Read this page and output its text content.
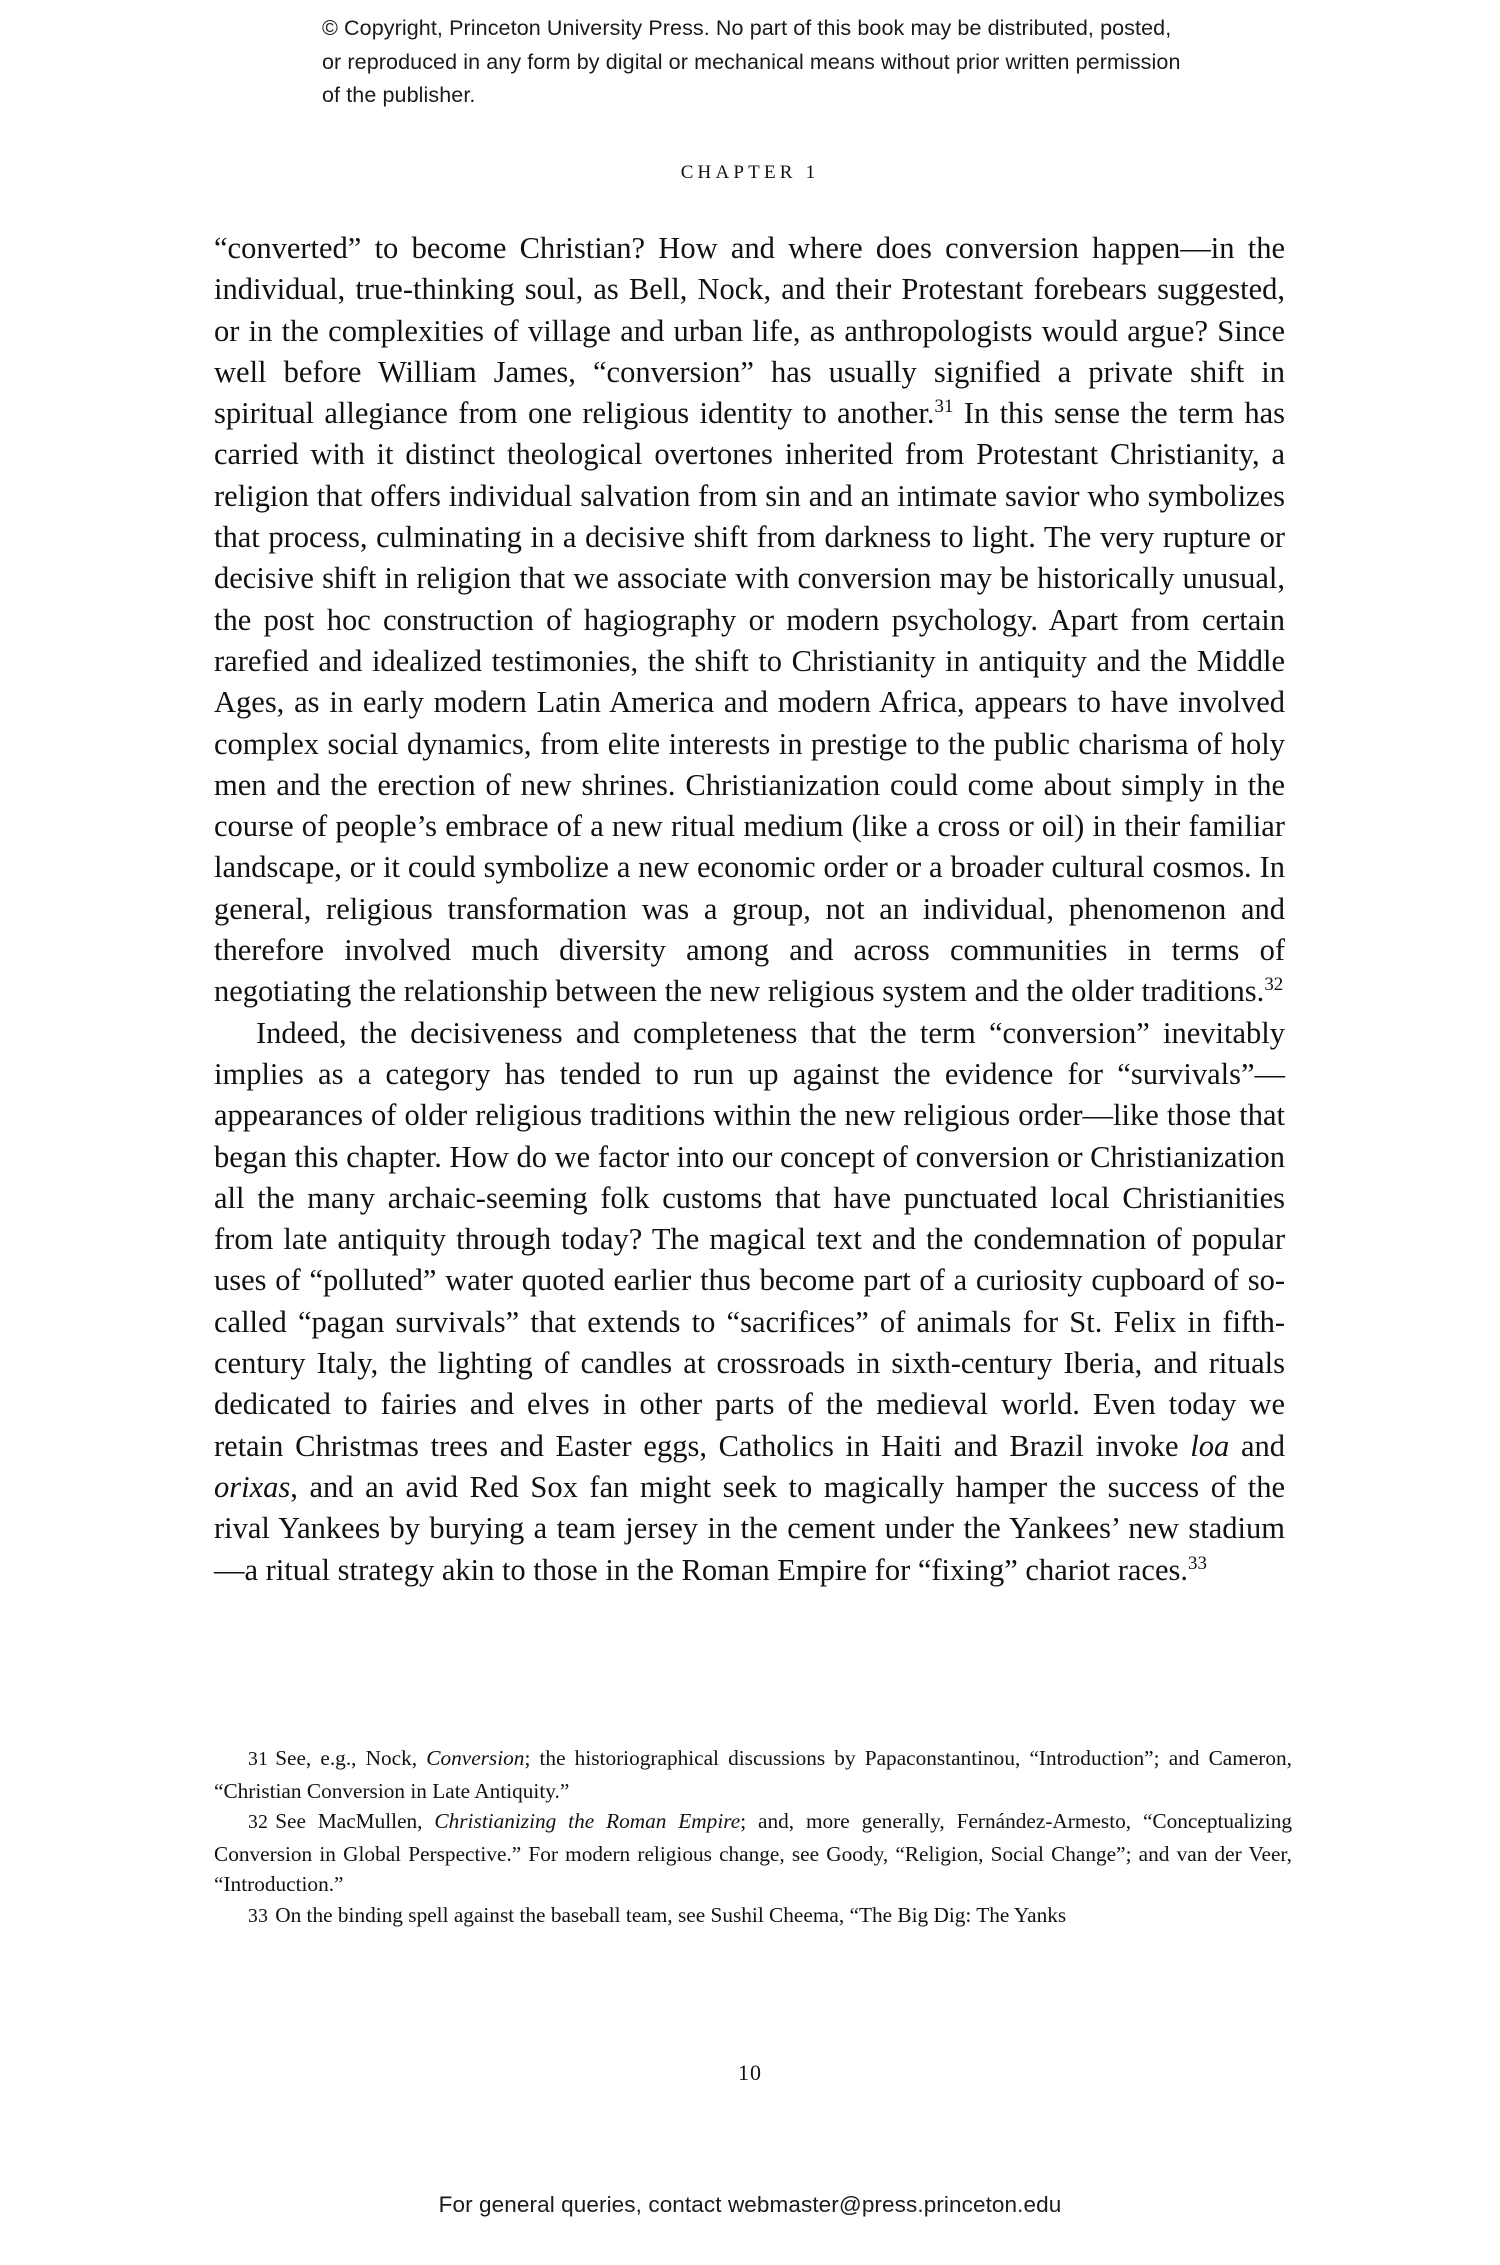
© Copyright, Princeton University Press. No part of this book may be distributed, posted, or reproduced in any form by digital or mechanical means without prior written permission of the publisher.
CHAPTER 1

“converted” to become Christian? How and where does conversion happen—in the individual, true-thinking soul, as Bell, Nock, and their Protestant forebears suggested, or in the complexities of village and urban life, as anthropologists would argue? Since well before William James, “conversion” has usually signified a private shift in spiritual allegiance from one religious identity to another.$^{31}$ In this sense the term has carried with it distinct theological overtones inherited from Protestant Christianity, a religion that offers individual salvation from sin and an intimate savior who symbolizes that process, culminating in a decisive shift from darkness to light. The very rupture or decisive shift in religion that we associate with conversion may be historically unusual, the post hoc construction of hagiography or modern psychology. Apart from certain rarefied and idealized testimonies, the shift to Christianity in antiquity and the Middle Ages, as in early modern Latin America and modern Africa, appears to have involved complex social dynamics, from elite interests in prestige to the public charisma of holy men and the erection of new shrines. Christianization could come about simply in the course of people’s embrace of a new ritual medium (like a cross or oil) in their familiar landscape, or it could symbolize a new economic order or a broader cultural cosmos. In general, religious transformation was a group, not an individual, phenomenon and therefore involved much diversity among and across communities in terms of negotiating the relationship between the new religious system and the older traditions.$^{32}$

Indeed, the decisiveness and completeness that the term “conversion” inevitably implies as a category has tended to run up against the evidence for “survivals”—appearances of older religious traditions within the new religious order—like those that began this chapter. How do we factor into our concept of conversion or Christianization all the many archaic-seeming folk customs that have punctuated local Christianities from late antiquity through today? The magical text and the condemnation of popular uses of “polluted” water quoted earlier thus become part of a curiosity cupboard of so-called “pagan survivals” that extends to “sacrifices” of animals for St. Felix in fifth-century Italy, the lighting of candles at crossroads in sixth-century Iberia, and rituals dedicated to fairies and elves in other parts of the medieval world. Even today we retain Christmas trees and Easter eggs, Catholics in Haiti and Brazil invoke loa and orixas, and an avid Red Sox fan might seek to magically hamper the success of the rival Yankees by burying a team jersey in the cement under the Yankees’ new stadium—a ritual strategy akin to those in the Roman Empire for “fixing” chariot races.$^{33}$

31 See, e.g., Nock, Conversion; the historiographical discussions by Papaconstantinou, “Introduction”; and Cameron, “Christian Conversion in Late Antiquity.”

32 See MacMullen, Christianizing the Roman Empire; and, more generally, Fernández-Armesto, “Conceptualizing Conversion in Global Perspective.” For modern religious change, see Goody, “Religion, Social Change”; and van der Veer, “Introduction.”

33 On the binding spell against the baseball team, see Sushil Cheema, “The Big Dig: The Yanks

10
For general queries, contact webmaster@press.princeton.edu
